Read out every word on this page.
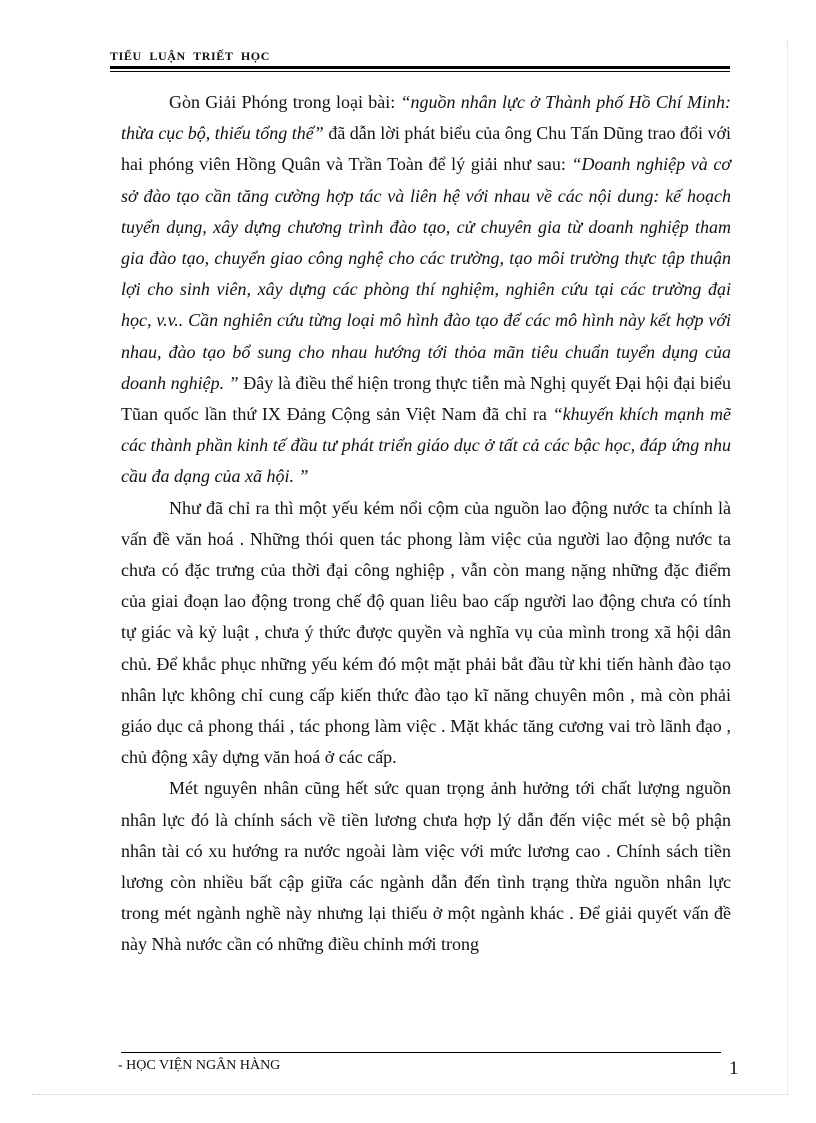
TIỂU LUẬN TRIẾT HỌC

Gòn Giải Phóng trong loại bài: “nguồn nhân lực ở Thành phố Hồ Chí Minh: thừa cục bộ, thiếu tổng thể” đã dẫn lời phát biểu của ông Chu Tấn Dũng trao đổi với hai phóng viên Hồng Quân và Trần Toàn để lý giải như sau: “Doanh nghiệp và cơ sở đào tạo cần tăng cường hợp tác và liên hệ với nhau về các nội dung: kế hoạch tuyển dụng, xây dựng chương trình đào tạo, cử chuyên gia từ doanh nghiệp tham gia đào tạo, chuyển giao công nghệ cho các trường, tạo môi trường thực tập thuận lợi cho sinh viên, xây dựng các phòng thí nghiệm, nghiên cứu tại các trường đại học, v.v.. Cần nghiên cứu từng loại mô hình đào tạo để các mô hình này kết hợp với nhau, đào tạo bổ sung cho nhau hướng tới thỏa mãn tiêu chuẩn tuyển dụng của doanh nghiệp. ” Đây là điều thể hiện trong thực tiễn mà Nghị quyết Đại hội đại biểu Tũan quốc lần thứ IX Đảng Cộng sản Việt Nam đã chỉ ra “khuyến khích mạnh mẽ các thành phần kinh tế đầu tư phát triển giáo dục ở tất cả các bậc học, đáp ứng nhu cầu đa dạng của xã hội. ”

Như đã chỉ ra thì một yếu kém nổi cộm của nguồn lao động nước ta chính là vấn đề văn hoá . Những thói quen tác phong làm việc của người lao động nước ta chưa có đặc trưng của thời đại công nghiệp , vẫn còn mang nặng những đặc điểm của giai đoạn lao động trong chế độ quan liêu bao cấp người lao động chưa có tính tự giác và kỷ luật , chưa ý thức được quyền và nghĩa vụ của mình trong xã hội dân chủ. Để khắc phục những yếu kém đó một mặt phải bắt đầu từ khi tiến hành đào tạo nhân lực không chỉ cung cấp kiến thức đào tạo kĩ năng chuyên môn , mà còn phải giáo dục cả phong thái , tác phong làm việc . Mặt khác tăng cương vai trò lãnh đạo , chủ động xây dựng văn hoá ở các cấp.

Mét nguyên nhân cũng hết sức quan trọng ảnh hưởng tới chất lượng nguồn nhân lực đó là chính sách về tiền lương chưa hợp lý dẫn đến việc mét sè bộ phận nhân tài có xu hướng ra nước ngoài làm việc với mức lương cao . Chính sách tiền lương còn nhiều bất cập giữa các ngành dẫn đến tình trạng thừa nguồn nhân lực trong mét ngành nghề này nhưng lại thiếu ở một ngành khác . Để giải quyết vấn đề này Nhà nước cần có những điều chỉnh mới trong

- HỌC VIỆN NGÂN HÀNG	1
